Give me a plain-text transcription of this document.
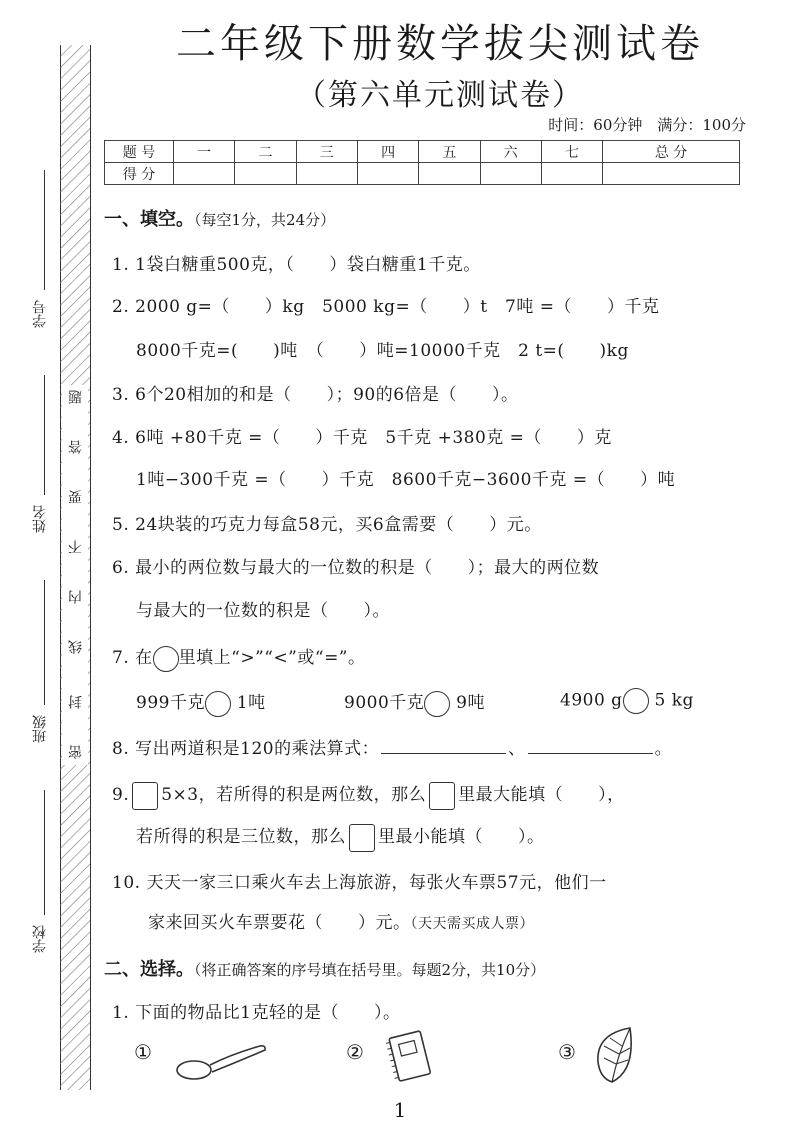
学号
姓名
班级
学校
密
封
线
内
不
要
答
题
二年级下册数学拔尖测试卷
（第六单元测试卷）
时间：60分钟　满分：100分
题 号	一	二	三	四	五	六	七	总 分
得 分								
一、填空。（每空1分，共24分）
1. 1袋白糖重500克，（　　）袋白糖重1千克。
2. 2000 g=（　　）kg　5000 kg=（　　）t　7吨 =（　　）千克
8000千克=(　　)吨　（　　）吨=10000千克　2 t=(　　)kg
3. 6个20相加的和是（　　）；90的6倍是（　　）。
4. 6吨 +80千克 =（　　）千克　5千克 +380克 =（　　）克
1吨−300千克 =（　　）千克　8600千克−3600千克 =（　　）吨
5. 24块装的巧克力每盒58元，买6盒需要（　　）元。
6. 最小的两位数与最大的一位数的积是（　　）；最大的两位数
与最大的一位数的积是（　　）。
7. 在 里填上“>”“<”或“=”。
999千克 1吨	9000千克 9吨	4900 g 5 kg
8. 写出两道积是120的乘法算式：	、	。
9. 5×3，若所得的积是两位数，那么 里最大能填（　　），
若所得的积是三位数，那么 里最小能填（　　）。
10. 天天一家三口乘火车去上海旅游，每张火车票57元，他们一
家来回买火车票要花（　　）元。（天天需买成人票）
二、选择。（将正确答案的序号填在括号里。每题2分，共10分）
1. 下面的物品比1克轻的是（　　）。
①	②	③
1
